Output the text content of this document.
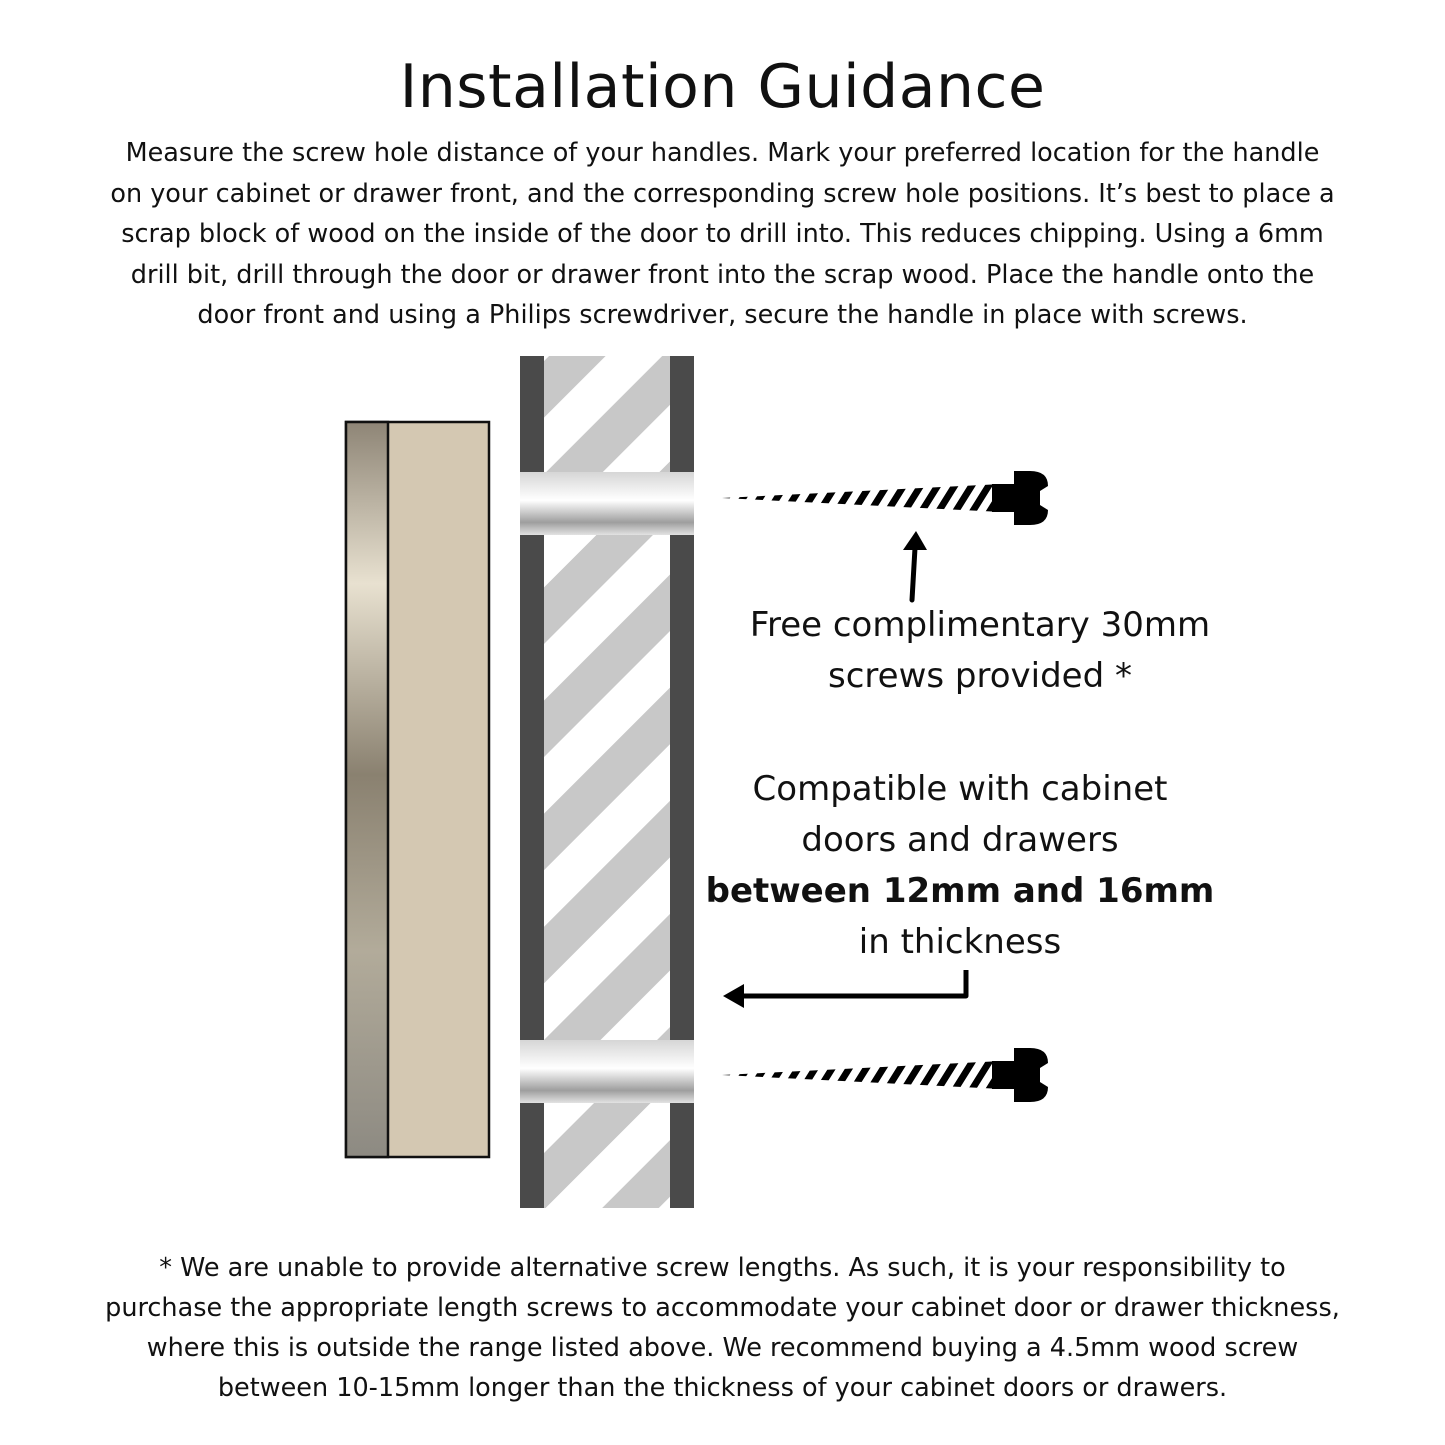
Installation Guidance

Measure the screw hole distance of your handles. Mark your preferred location for the handle
on your cabinet or drawer front, and the corresponding screw hole positions. It’s best to place a
scrap block of wood on the inside of the door to drill into. This reduces chipping. Using a 6mm
drill bit, drill through the door or drawer front into the scrap wood. Place the handle onto the
door front and using a Philips screwdriver, secure the handle in place with screws.

Free complimentary 30mm
screws provided *
Compatible with cabinet
doors and drawers
between 12mm and 16mm
in thickness

* We are unable to provide alternative screw lengths. As such, it is your responsibility to
purchase the appropriate length screws to accommodate your cabinet door or drawer thickness,
where this is outside the range listed above. We recommend buying a 4.5mm wood screw
between 10-15mm longer than the thickness of your cabinet doors or drawers.
